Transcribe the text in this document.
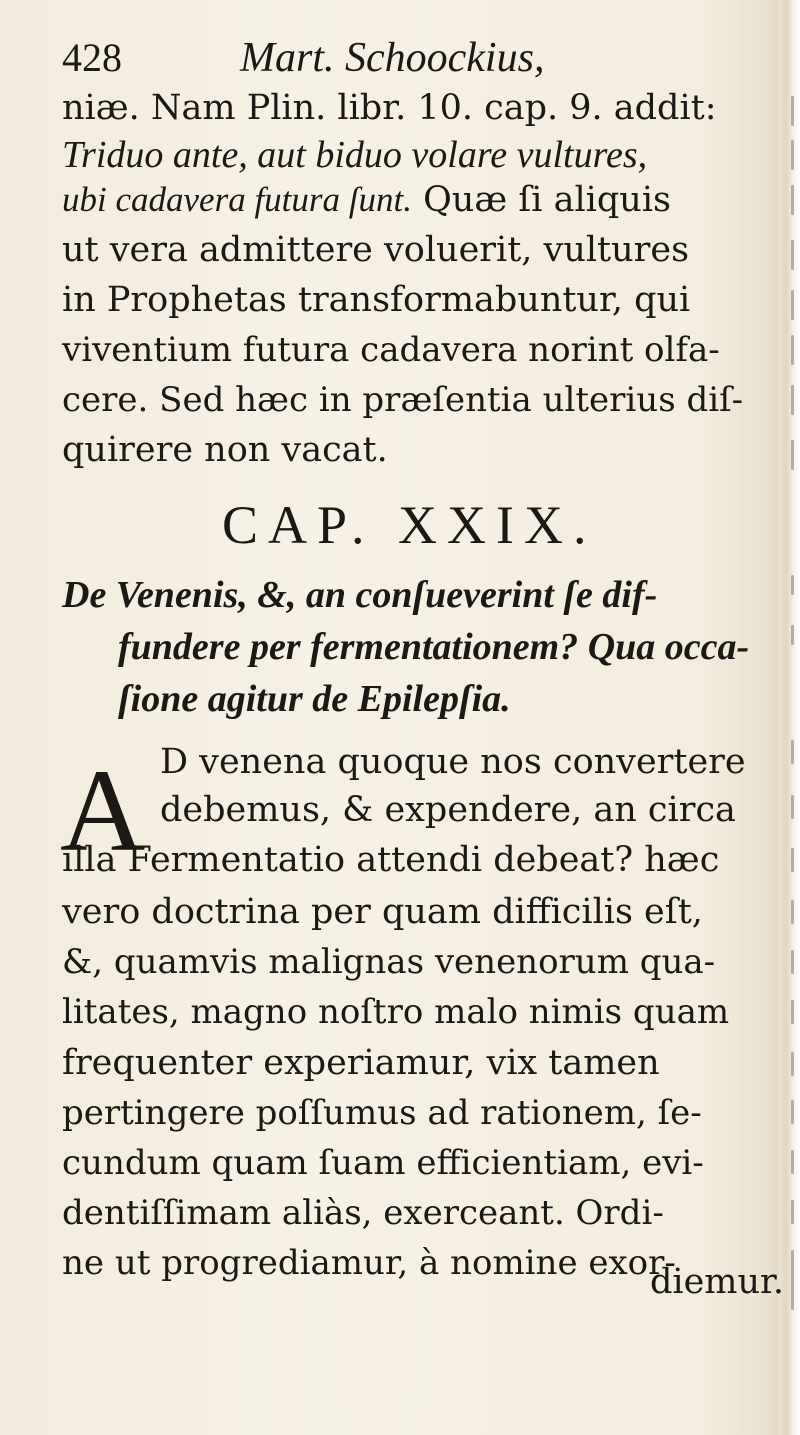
428	Mart. Schoockius,
niæ. Nam Plin. libr. 10. cap. 9. addit:
Triduo ante, aut biduo volare vultures,
ubi cadavera futura ſunt. Quæ ſi aliquis
ut vera admittere voluerit, vultures
in Prophetas transformabuntur, qui
viventium futura cadavera norint olfa-
cere. Sed hæc in præſentia ulterius diſ-
quirere non vacat.
CAP. XXIX.
De Venenis, &, an conſueverint ſe dif-
fundere per fermentationem? Qua occa-
ſione agitur de Epilepſia.
A D venena quoque nos convertere
debemus, & expendere, an circa
illa Fermentatio attendi debeat? hæc
vero doctrina per quam difficilis eſt,
&, quamvis malignas venenorum qua-
litates, magno noſtro malo nimis quam
frequenter experiamur, vix tamen
pertingere poſſumus ad rationem, ſe-
cundum quam ſuam efficientiam, evi-
dentiſſimam aliàs, exerceant. Ordi-
ne ut progrediamur, à nomine exor-
diemur.
